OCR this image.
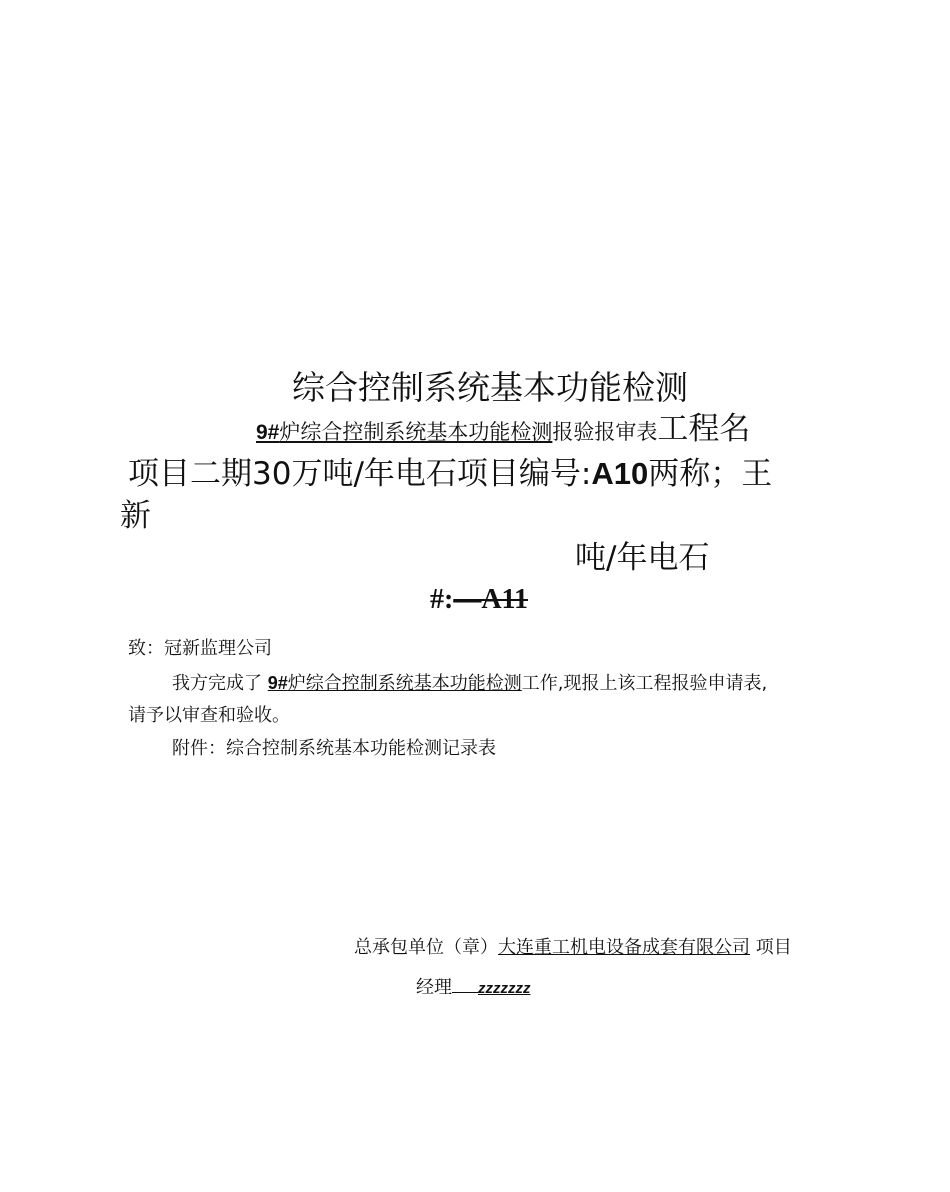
综合控制系统基本功能检测
9#炉综合控制系统基本功能检测报验报审表工程名
项目二期30万吨/年电石项目编号:A10两称；王
新
吨/年电石
#:—A11
致：冠新监理公司
我方完成了 9#炉综合控制系统基本功能检测工作,现报上该工程报验申请表,
请予以审查和验收。
附件：综合控制系统基本功能检测记录表
总承包单位（章）大连重工机电设备成套有限公司 项目
经理 zzzzzzz
